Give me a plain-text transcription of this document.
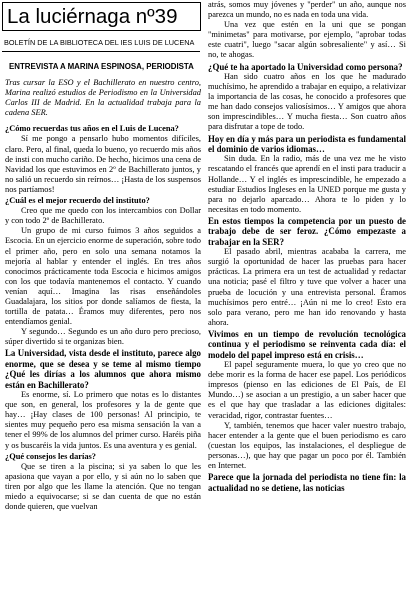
La luciérnaga nº39
BOLETÍN DE LA BIBLIOTECA DEL IES LUIS DE LUCENA
ENTREVISTA A MARINA ESPINOSA, PERIODISTA

Tras cursar la ESO y el Bachillerato en nuestro centro, Marina realizó estudios de Periodismo en la Universidad Carlos III de Madrid. En la actualidad trabaja para la cadena SER.

¿Cómo recuerdas tus años en el Luis de Lucena?

Sí me pongo a pensarlo hubo momentos difíciles, claro. Pero, al final, queda lo bueno, yo recuerdo mis años de insti con mucho cariño. De hecho, hicimos una cena de Navidad los que estuvimos en 2º de Bachillerato juntos, y no salió un recuerdo sin reírnos… ¡Hasta de los suspensos nos partíamos!

¿Cuál es el mejor recuerdo del instituto?

Creo que me quedo con los intercambios con Dollar y con todo 2º de Bachillerato.

Un grupo de mi curso fuimos 3 años seguidos a Escocia. En un ejercicio enorme de superación, sobre todo el primer año, pero en solo una semana notamos la mejoría al hablar y entender el inglés. En tres años conocimos prácticamente toda Escocia e hicimos amigos con los que todavía mantenemos el contacto. Y cuando venían aquí… Imagina las risas enseñándoles Guadalajara, los sitios por donde salíamos de fiesta, la tortilla de patata… Éramos muy diferentes, pero nos entendíamos genial.

Y segundo… Segundo es un año duro pero precioso, súper divertido si te organizas bien.

La Universidad, vista desde el instituto, parece algo enorme, que se desea y se teme al mismo tiempo ¿Qué les dirías a los alumnos que ahora mismo están en Bachillerato?

Es enorme, sí. Lo primero que notas es lo distantes que son, en general, los profesores y la de gente que hay… ¡Hay clases de 100 personas! Al principio, te sientes muy pequeño pero esa misma sensación la van a tener el 99% de los alumnos del primer curso. Haréis piña y os buscaréis la vida juntos. Es una aventura y es genial.

¿Qué consejos les darías?

Que se tiren a la piscina; si ya saben lo que les apasiona que vayan a por ello, y si aún no lo saben que tiren por algo que les llame la atención. Que no tengan miedo a equivocarse; si se dan cuenta de que no están donde quieren, que vuelvan

atrás, somos muy jóvenes y "perder" un año, aunque nos parezca un mundo, no es nada en toda una vida.

Una vez que estén en la uni que se pongan "minimetas" para motivarse, por ejemplo, "aprobar todas este cuatri", luego "sacar algún sobresaliente" y así… Si no, te ahogas.

¿Qué te ha aportado la Universidad como persona?

Han sido cuatro años en los que he madurado muchísimo, he aprendido a trabajar en equipo, a relativizar la importancia de las cosas, he conocido a profesores que me han dado consejos valiosísimos… Y amigos que ahora son imprescindibles… Y mucha fiesta… Son cuatro años para disfrutar a tope de todo.

Hoy en día y más para un periodista es fundamental el dominio de varios idiomas…

Sin duda. En la radio, más de una vez me he visto rescatando el francés que aprendí en el insti para traducir a Hollande… Y el inglés es imprescindible, he empezado a estudiar Estudios Ingleses en la UNED porque me gusta y para no dejarlo aparcado… Ahora te lo piden y lo necesitas en todo momento.

En estos tiempos la competencia por un puesto de trabajo debe de ser feroz. ¿Cómo empezaste a trabajar en la SER?

El pasado abril, mientras acababa la carrera, me surgió la oportunidad de hacer las pruebas para hacer prácticas. La primera era un test de actualidad y redactar una noticia; pasé el filtro y tuve que volver a hacer una prueba de locución y una entrevista personal. Éramos muchísimos pero entré… ¡Aún ni me lo creo! Esto era solo para verano, pero me han ido renovando y hasta ahora.

Vivimos en un tiempo de revolución tecnológica continua y el periodismo se reinventa cada día: el modelo del papel impreso está en crisis…

El papel seguramente muera, lo que yo creo que no debe morir es la forma de hacer ese papel. Los periódicos impresos (pienso en las ediciones de El País, de El Mundo…) se asocian a un prestigio, a un saber hacer que es el que hay que trasladar a las ediciones digitales: veracidad, rigor, contrastar fuentes…

Y, también, tenemos que hacer valer nuestro trabajo, hacer entender a la gente que el buen periodismo es caro (cuestan los equipos, las instalaciones, el despliegue de personas…), que hay que pagar un poco por él. También en Internet.

Parece que la jornada del periodista no tiene fin: la actualidad no se detiene, las noticias
